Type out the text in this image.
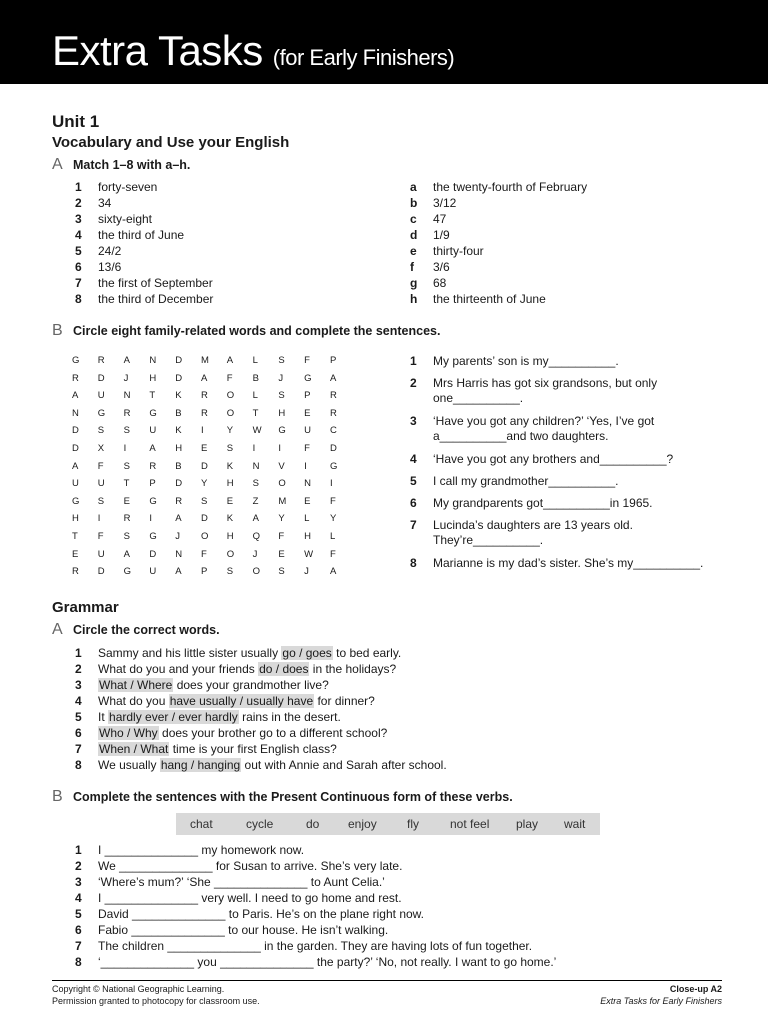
Extra Tasks (for Early Finishers)
Unit 1
Vocabulary and Use your English
A Match 1–8 with a–h.
1 forty-seven
2 34
3 sixty-eight
4 the third of June
5 24/2
6 13/6
7 the first of September
8 the third of December
a the twenty-fourth of February
b 3/12
c 47
d 1/9
e thirty-four
f 3/6
g 68
h the thirteenth of June
B Circle eight family-related words and complete the sentences.
G R A N D M A L S F P
R D J H D A F B J G A
A U N T K R O L S P R
N G R G B R O T H E R
D S S U K I Y W G U C
D X I A H E S I I F D
A F S R B D K N V I G
U U T P D Y H S O N I
G S E G R S E Z M E F
H I R I A D K A Y L Y
T F S G J O H Q F H L
E U A D N F O J E W F
R D G U A P S O S J A
1 My parents’ son is my__________.
2 Mrs Harris has got six grandsons, but only
one__________.
3 ‘Have you got any children?’ ‘Yes, I’ve got
a__________and two daughters.
4 ‘Have you got any brothers and__________?
5 I call my grandmother__________.
6 My grandparents got__________in 1965.
7 Lucinda’s daughters are 13 years old.
They’re__________.
8 Marianne is my dad’s sister. She’s my__________.
Grammar
A Circle the correct words.
1 Sammy and his little sister usually go / goes to bed early.
2 What do you and your friends do / does in the holidays?
3 What / Where does your grandmother live?
4 What do you have usually / usually have for dinner?
5 It hardly ever / ever hardly rains in the desert.
6 Who / Why does your brother go to a different school?
7 When / What time is your first English class?
8 We usually hang / hanging out with Annie and Sarah after school.
B Complete the sentences with the Present Continuous form of these verbs.
chat	cycle	do enjoy	fly	not feel play wait
1 I ______________ my homework now.
2 We ______________ for Susan to arrive. She’s very late.
3 ‘Where’s mum?’ ‘She ______________ to Aunt Celia.’
4 I ______________ very well. I need to go home and rest.
5 David ______________ to Paris. He’s on the plane right now.
6 Fabio ______________ to our house. He isn’t walking.
7 The children ______________ in the garden. They are having lots of fun together.
8 ‘______________ you ______________ the party?’ ‘No, not really. I want to go home.’
Copyright © National Geographic Learning.
Permission granted to photocopy for classroom use.
Close-up A2
Extra Tasks for Early Finishers
